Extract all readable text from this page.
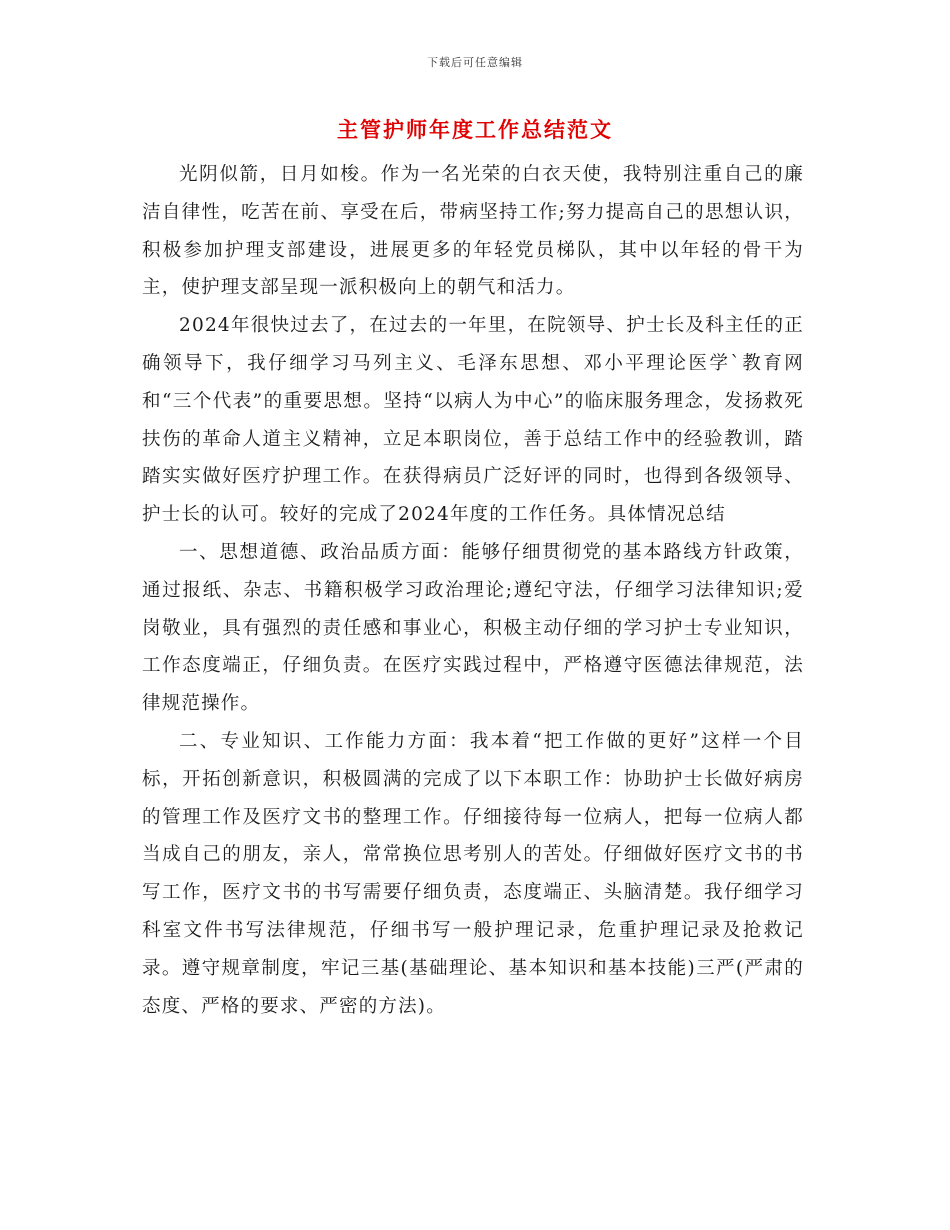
下载后可任意编辑
主管护师年度工作总结范文

光阴似箭，日月如梭。作为一名光荣的白衣天使，我特别注重自己的廉洁自律性，吃苦在前、享受在后，带病坚持工作;努力提高自己的思想认识，积极参加护理支部建设，进展更多的年轻党员梯队，其中以年轻的骨干为主，使护理支部呈现一派积极向上的朝气和活力。

2024年很快过去了，在过去的一年里，在院领导、护士长及科主任的正确领导下，我仔细学习马列主义、毛泽东思想、邓小平理论医学`教育网和“三个代表”的重要思想。坚持“以病人为中心”的临床服务理念，发扬救死扶伤的革命人道主义精神，立足本职岗位，善于总结工作中的经验教训，踏踏实实做好医疗护理工作。在获得病员广泛好评的同时，也得到各级领导、护士长的认可。较好的完成了2024年度的工作任务。具体情况总结

一、思想道德、政治品质方面：能够仔细贯彻党的基本路线方针政策，通过报纸、杂志、书籍积极学习政治理论;遵纪守法，仔细学习法律知识;爱岗敬业，具有强烈的责任感和事业心，积极主动仔细的学习护士专业知识，工作态度端正，仔细负责。在医疗实践过程中，严格遵守医德法律规范，法律规范操作。

二、专业知识、工作能力方面：我本着“把工作做的更好”这样一个目标，开拓创新意识，积极圆满的完成了以下本职工作：协助护士长做好病房的管理工作及医疗文书的整理工作。仔细接待每一位病人，把每一位病人都当成自己的朋友，亲人，常常换位思考别人的苦处。仔细做好医疗文书的书写工作，医疗文书的书写需要仔细负责，态度端正、头脑清楚。我仔细学习科室文件书写法律规范，仔细书写一般护理记录，危重护理记录及抢救记录。遵守规章制度，牢记三基(基础理论、基本知识和基本技能)三严(严肃的态度、严格的要求、严密的方法)。
